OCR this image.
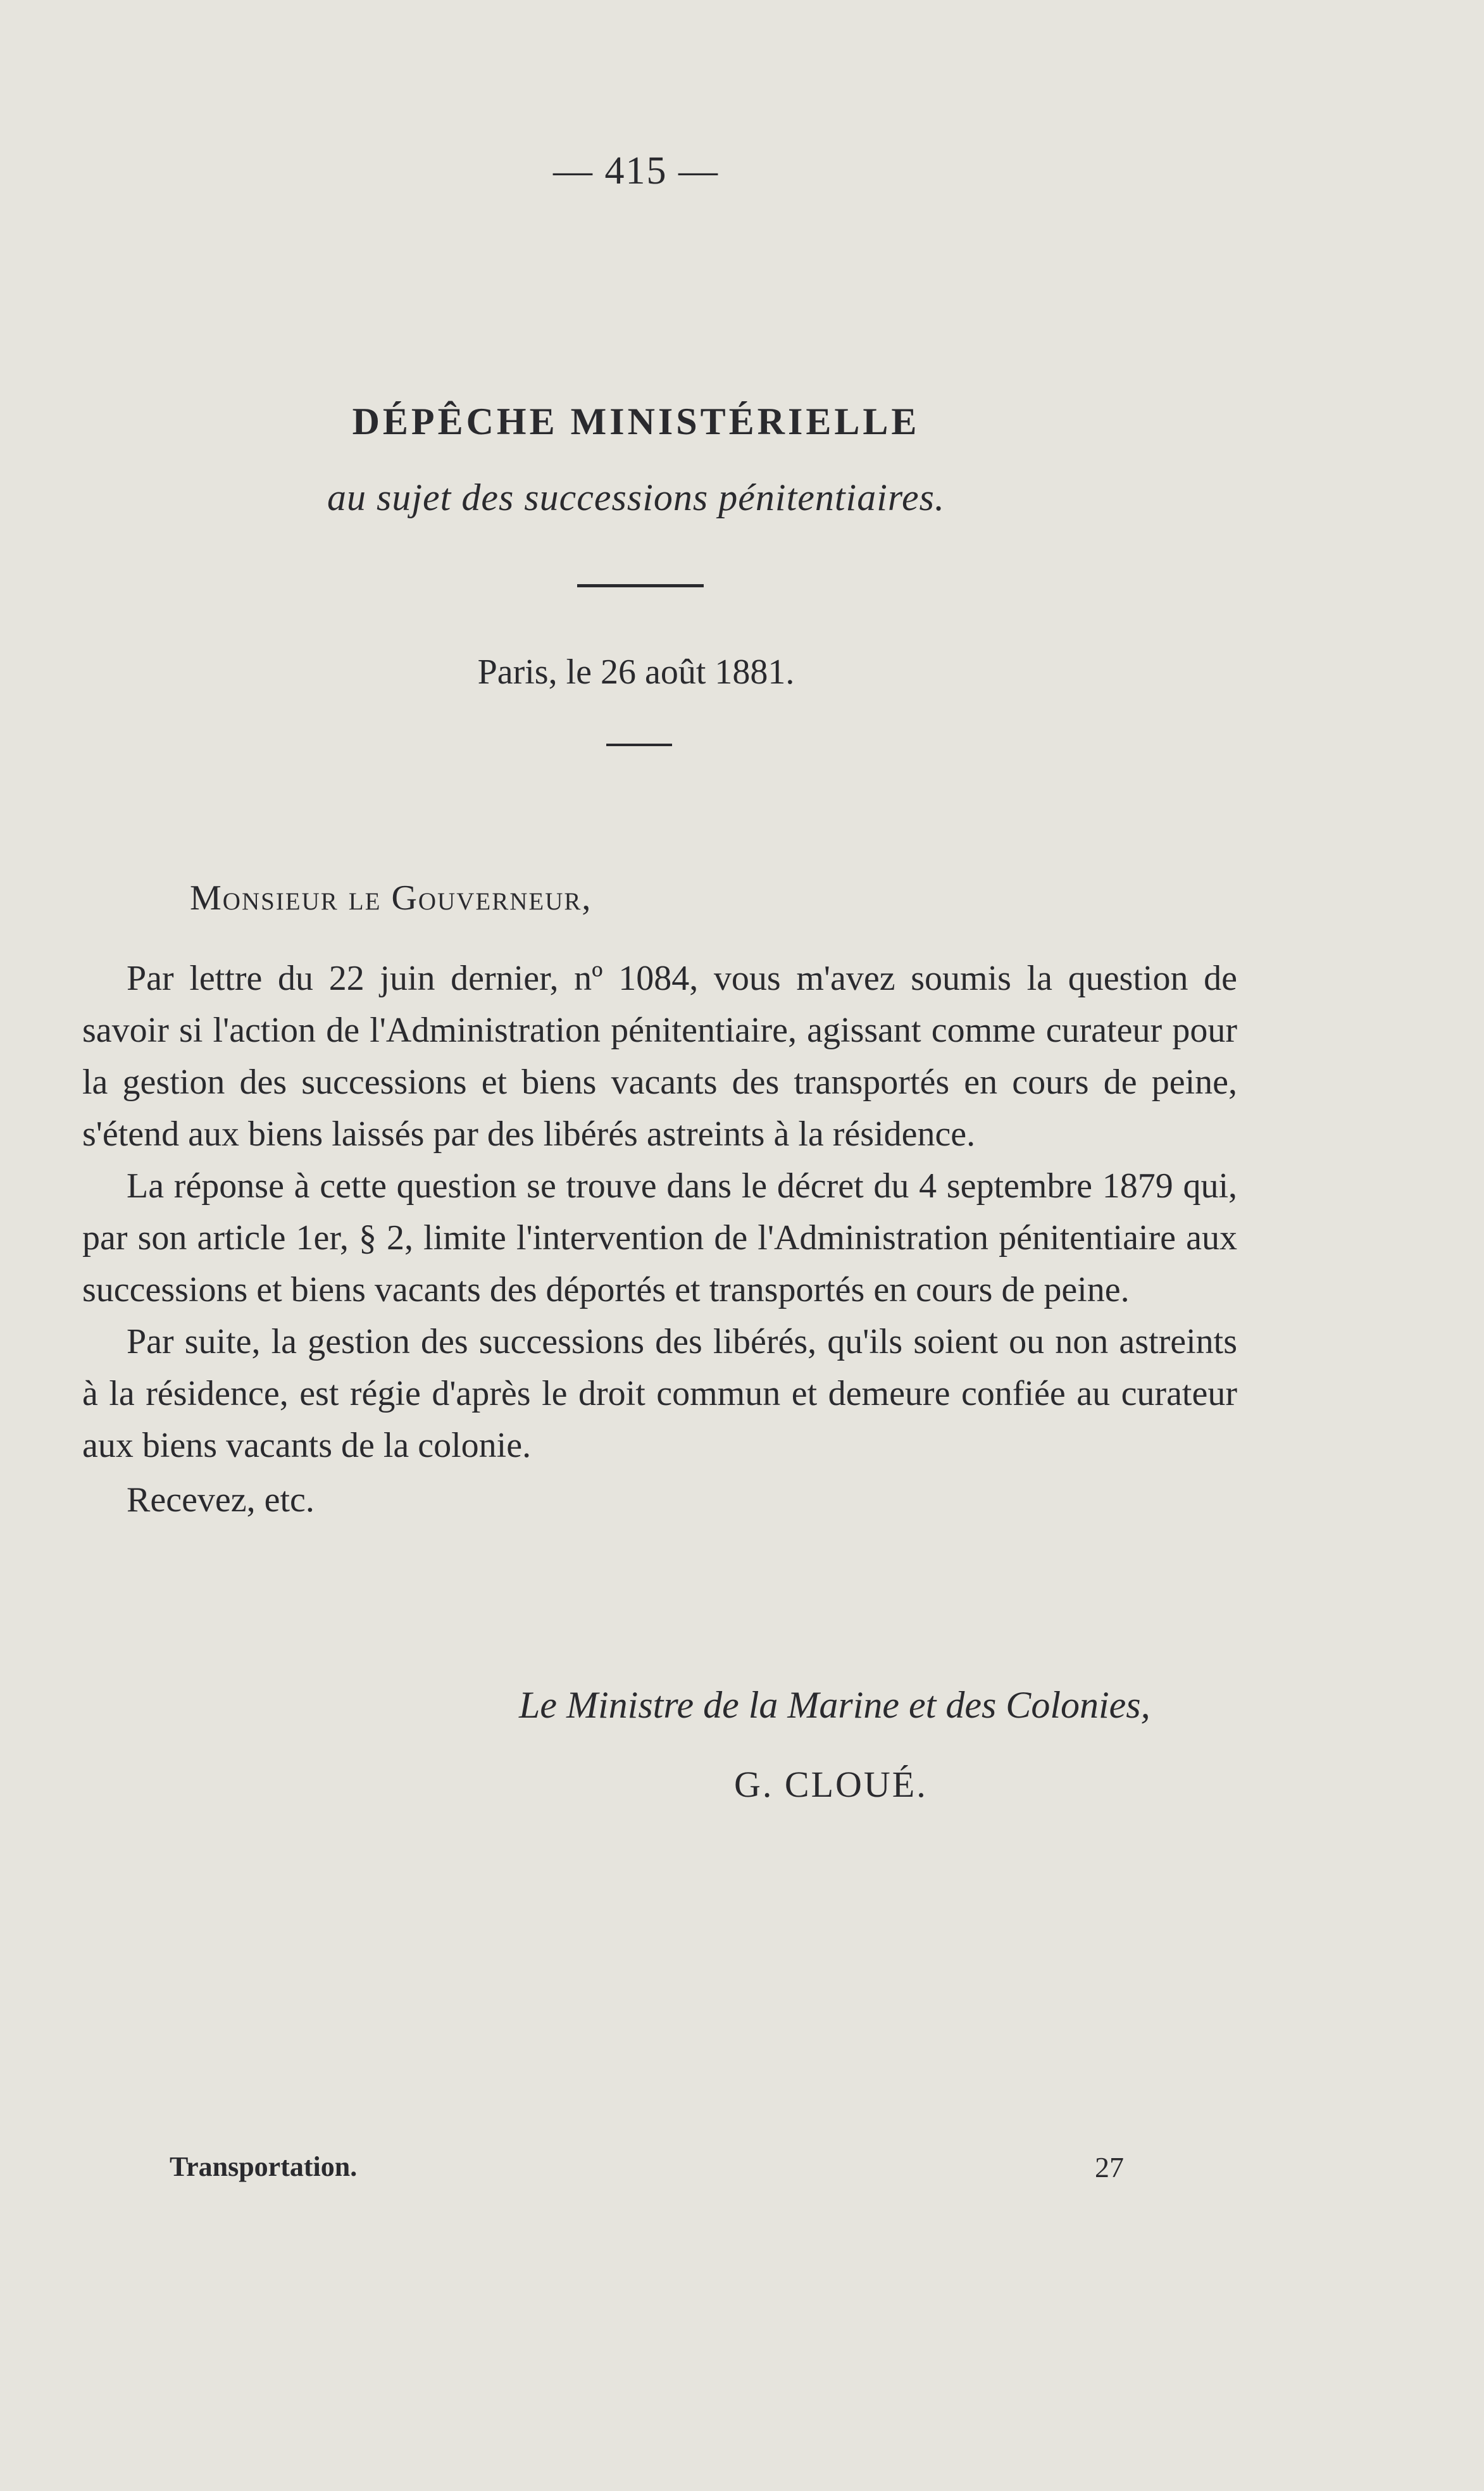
— 415 —
DÉPÊCHE MINISTÉRIELLE
au sujet des successions pénitentiaires.
Paris, le 26 août 1881.
Monsieur le Gouverneur,

Par lettre du 22 juin dernier, nº 1084, vous m'avez soumis la question de savoir si l'action de l'Administration pénitentiaire, agissant comme curateur pour la gestion des successions et biens vacants des transportés en cours de peine, s'étend aux biens laissés par des libérés astreints à la résidence.

La réponse à cette question se trouve dans le décret du 4 septembre 1879 qui, par son article 1er, § 2, limite l'intervention de l'Administration pénitentiaire aux successions et biens vacants des déportés et transportés en cours de peine.

Par suite, la gestion des successions des libérés, qu'ils soient ou non astreints à la résidence, est régie d'après le droit commun et demeure confiée au curateur aux biens vacants de la colonie.

Recevez, etc.

Le Ministre de la Marine et des Colonies,
G. CLOUÉ.
Transportation.	27
